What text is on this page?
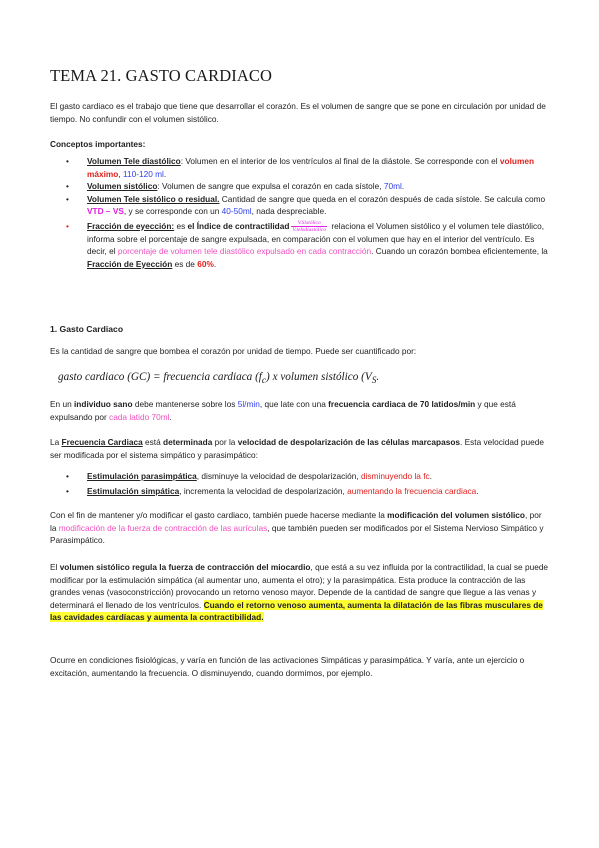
TEMA 21. GASTO CARDIACO
El gasto cardiaco es el trabajo que tiene que desarrollar el corazón. Es el volumen de sangre que se pone en circulación por unidad de tiempo. No confundir con el volumen sistólico.
Conceptos importantes:
• Volumen Tele diastólico: Volumen en el interior de los ventrículos al final de la diástole. Se corresponde con el volumen máximo, 110-120 ml.
• Volumen sistólico: Volumen de sangre que expulsa el corazón en cada sístole, 70ml.
• Volumen Tele sistólico o residual. Cantidad de sangre que queda en el corazón después de cada sístole. Se calcula como VTD – VS, y se corresponde con un 40-50ml, nada despreciable.
• Fracción de eyección: es el Índice de contractilidad $\frac{\text{V.Sistólico}}{\text{V.telediastólico}}$ relaciona el Volumen sistólico y el volumen tele diastólico, informa sobre el porcentaje de sangre expulsada, en comparación con el volumen que hay en el interior del ventrículo. Es decir, el porcentaje de volumen tele diastólico expulsado en cada contracción. Cuando un corazón bombea eficientemente, la Fracción de Eyección es de 60%.
1. Gasto Cardiaco
Es la cantidad de sangre que bombea el corazón por unidad de tiempo. Puede ser cuantificado por:
gasto cardiaco (GC) = frecuencia cardiaca $(f_c)$ x volumen sistólico ($V_S$.
En un individuo sano debe mantenerse sobre los 5l/min, que late con una frecuencia cardiaca de 70 latidos/min y que está expulsando por cada latido 70ml.
La Frecuencia Cardiaca está determinada por la velocidad de despolarización de las células marcapasos. Esta velocidad puede ser modificada por el sistema simpático y parasimpático:
• Estimulación parasimpática, disminuye la velocidad de despolarización, disminuyendo la fc.
• Estimulación simpática, incrementa la velocidad de despolarización, aumentando la frecuencia cardiaca.
Con el fin de mantener y/o modificar el gasto cardiaco, también puede hacerse mediante la modificación del volumen sistólico, por la modificación de la fuerza de contracción de las aurículas, que también pueden ser modificados por el Sistema Nervioso Simpático y Parasimpático.
El volumen sistólico regula la fuerza de contracción del miocardio, que está a su vez influida por la contractilidad, la cual se puede modificar por la estimulación simpática (al aumentar uno, aumenta el otro); y la parasimpática. Esta produce la contracción de las grandes venas (vasoconstricción) provocando un retorno venoso mayor. Depende de la cantidad de sangre que llegue a las venas y determinará el llenado de los ventrículos. Cuando el retorno venoso aumenta, aumenta la dilatación de las fibras musculares de las cavidades cardíacas y aumenta la contractibilidad.
Ocurre en condiciones fisiológicas, y varía en función de las activaciones Simpáticas y parasimpática. Y varía, ante un ejercicio o excitación, aumentando la frecuencia. O disminuyendo, cuando dormimos, por ejemplo.
